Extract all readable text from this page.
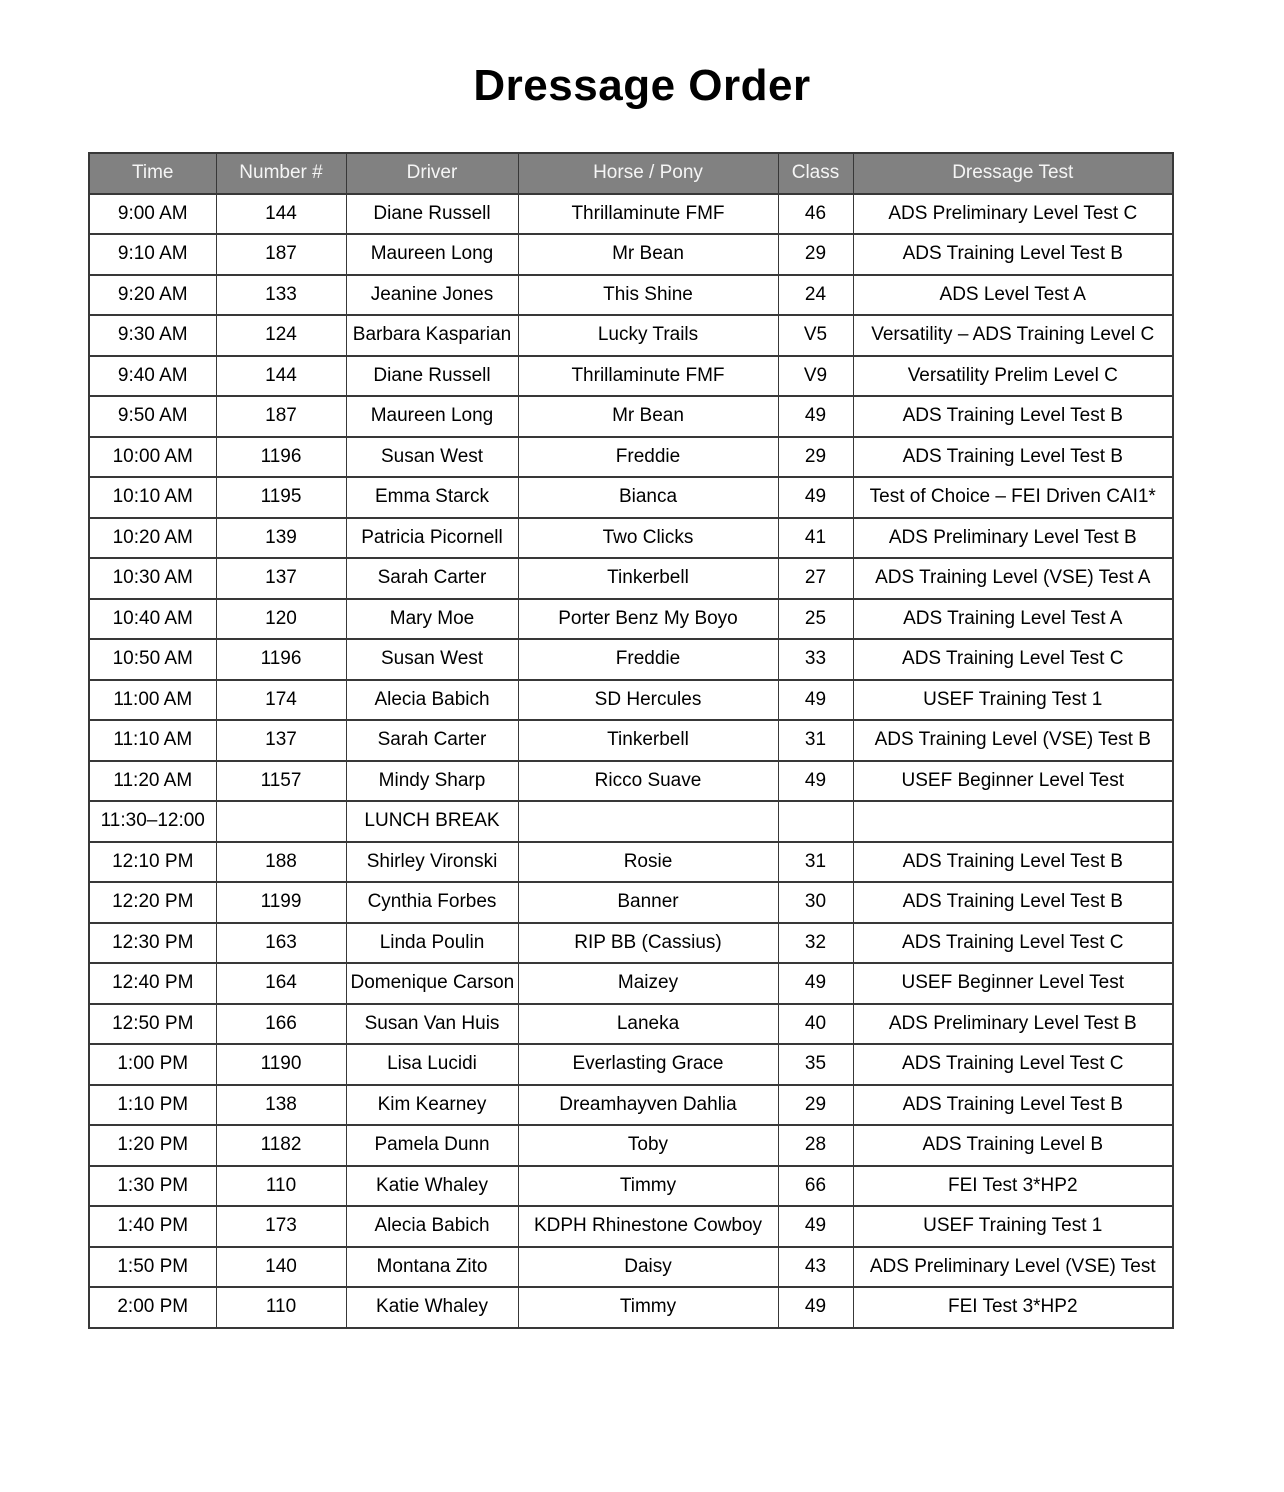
Dressage Order
Time	Number #	Driver	Horse / Pony	Class	Dressage Test
9:00 AM	144	Diane Russell	Thrillaminute FMF	46	ADS Preliminary Level Test C
9:10 AM	187	Maureen Long	Mr Bean	29	ADS Training Level Test B
9:20 AM	133	Jeanine Jones	This Shine	24	ADS Level Test A
9:30 AM	124	Barbara Kasparian	Lucky Trails	V5	Versatility – ADS Training Level C
9:40 AM	144	Diane Russell	Thrillaminute FMF	V9	Versatility Prelim Level C
9:50 AM	187	Maureen Long	Mr Bean	49	ADS Training Level Test B
10:00 AM	1196	Susan West	Freddie	29	ADS Training Level Test B
10:10 AM	1195	Emma Starck	Bianca	49	Test of Choice – FEI Driven CAI1*
10:20 AM	139	Patricia Picornell	Two Clicks	41	ADS Preliminary Level Test B
10:30 AM	137	Sarah Carter	Tinkerbell	27	ADS Training Level (VSE) Test A
10:40 AM	120	Mary Moe	Porter Benz My Boyo	25	ADS Training Level Test A
10:50 AM	1196	Susan West	Freddie	33	ADS Training Level Test C
11:00 AM	174	Alecia Babich	SD Hercules	49	USEF Training Test 1
11:10 AM	137	Sarah Carter	Tinkerbell	31	ADS Training Level (VSE) Test B
11:20 AM	1157	Mindy Sharp	Ricco Suave	49	USEF Beginner Level Test
11:30–12:00		LUNCH BREAK			
12:10 PM	188	Shirley Vironski	Rosie	31	ADS Training Level Test B
12:20 PM	1199	Cynthia Forbes	Banner	30	ADS Training Level Test B
12:30 PM	163	Linda Poulin	RIP BB (Cassius)	32	ADS Training Level Test C
12:40 PM	164	Domenique Carson	Maizey	49	USEF Beginner Level Test
12:50 PM	166	Susan Van Huis	Laneka	40	ADS Preliminary Level Test B
1:00 PM	1190	Lisa Lucidi	Everlasting Grace	35	ADS Training Level Test C
1:10 PM	138	Kim Kearney	Dreamhayven Dahlia	29	ADS Training Level Test B
1:20 PM	1182	Pamela Dunn	Toby	28	ADS Training Level B
1:30 PM	110	Katie Whaley	Timmy	66	FEI Test 3*HP2
1:40 PM	173	Alecia Babich	KDPH Rhinestone Cowboy	49	USEF Training Test 1
1:50 PM	140	Montana Zito	Daisy	43	ADS Preliminary Level (VSE) Test
2:00 PM	110	Katie Whaley	Timmy	49	FEI Test 3*HP2
